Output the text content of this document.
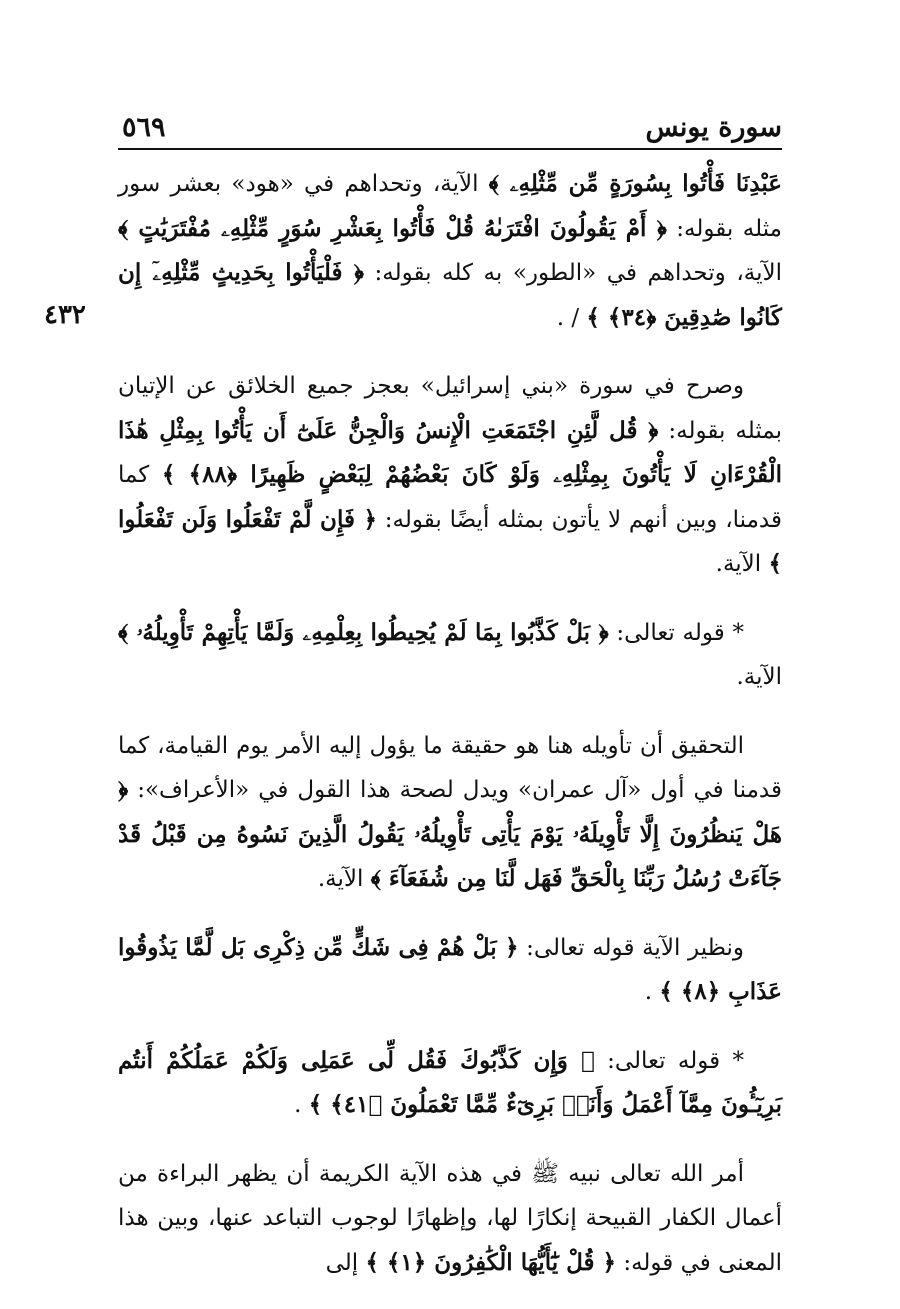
سورة يونس
٥٦٩
٤٣٢

عَبْدِنَا فَأْتُوا بِسُورَةٍ مِّن مِّثْلِهِۦ ﴾ الآية، وتحداهم في «هود» بعشر سور مثله بقوله: ﴿ أَمْ يَقُولُونَ افْتَرَىٰهُ قُلْ فَأْتُوا بِعَشْرِ سُوَرٍ مِّثْلِهِۦ مُفْتَرَيَٰتٍ ﴾ الآية، وتحداهم في «الطور» به كله بقوله: ﴿ فَلْيَأْتُوا بِحَدِيثٍ مِّثْلِهِۦٓ إِن كَانُوا صَٰدِقِينَ ﴿٣٤﴾ ﴾ / .

وصرح في سورة «بني إسرائيل» بعجز جميع الخلائق عن الإتيان بمثله بقوله: ﴿ قُل لَّئِنِ اجْتَمَعَتِ الْإِنسُ وَالْجِنُّ عَلَىٰٓ أَن يَأْتُوا بِمِثْلِ هَٰذَا الْقُرْءَانِ لَا يَأْتُونَ بِمِثْلِهِۦ وَلَوْ كَانَ بَعْضُهُمْ لِبَعْضٍ ظَهِيرًا ﴿٨٨﴾ ﴾ كما قدمنا، وبين أنهم لا يأتون بمثله أيضًا بقوله: ﴿ فَإِن لَّمْ تَفْعَلُوا وَلَن تَفْعَلُوا ﴾ الآية.

* قوله تعالى: ﴿ بَلْ كَذَّبُوا بِمَا لَمْ يُحِيطُوا بِعِلْمِهِۦ وَلَمَّا يَأْتِهِمْ تَأْوِيلُهُۥ ﴾ الآية.

التحقيق أن تأويله هنا هو حقيقة ما يؤول إليه الأمر يوم القيامة، كما قدمنا في أول «آل عمران» ويدل لصحة هذا القول في «الأعراف»: ﴿ هَلْ يَنظُرُونَ إِلَّا تَأْوِيلَهُۥ يَوْمَ يَأْتِى تَأْوِيلُهُۥ يَقُولُ الَّذِينَ نَسُوهُ مِن قَبْلُ قَدْ جَآءَتْ رُسُلُ رَبِّنَا بِالْحَقِّ فَهَل لَّنَا مِن شُفَعَآءَ ﴾ الآية.

ونظير الآية قوله تعالى: ﴿ بَلْ هُمْ فِى شَكٍّ مِّن ذِكْرِى بَل لَّمَّا يَذُوقُوا عَذَابِ ﴿٨﴾ ﴾ .

* قوله تعالى: ﴿ وَإِن كَذَّبُوكَ فَقُل لِّى عَمَلِى وَلَكُمْ عَمَلُكُمْ أَنتُم بَرِيٓـُٔونَ مِمَّآ أَعْمَلُ وَأَنَا۠ بَرِىٓءٌ مِّمَّا تَعْمَلُونَ ﴿٤١﴾ ﴾ .

أمر الله تعالى نبيه ﷺ في هذه الآية الكريمة أن يظهر البراءة من أعمال الكفار القبيحة إنكارًا لها، وإظهارًا لوجوب التباعد عنها، وبين هذا المعنى في قوله: ﴿ قُلْ يَٰٓأَيُّهَا الْكَٰفِرُونَ ﴿١﴾ ﴾ إلى
